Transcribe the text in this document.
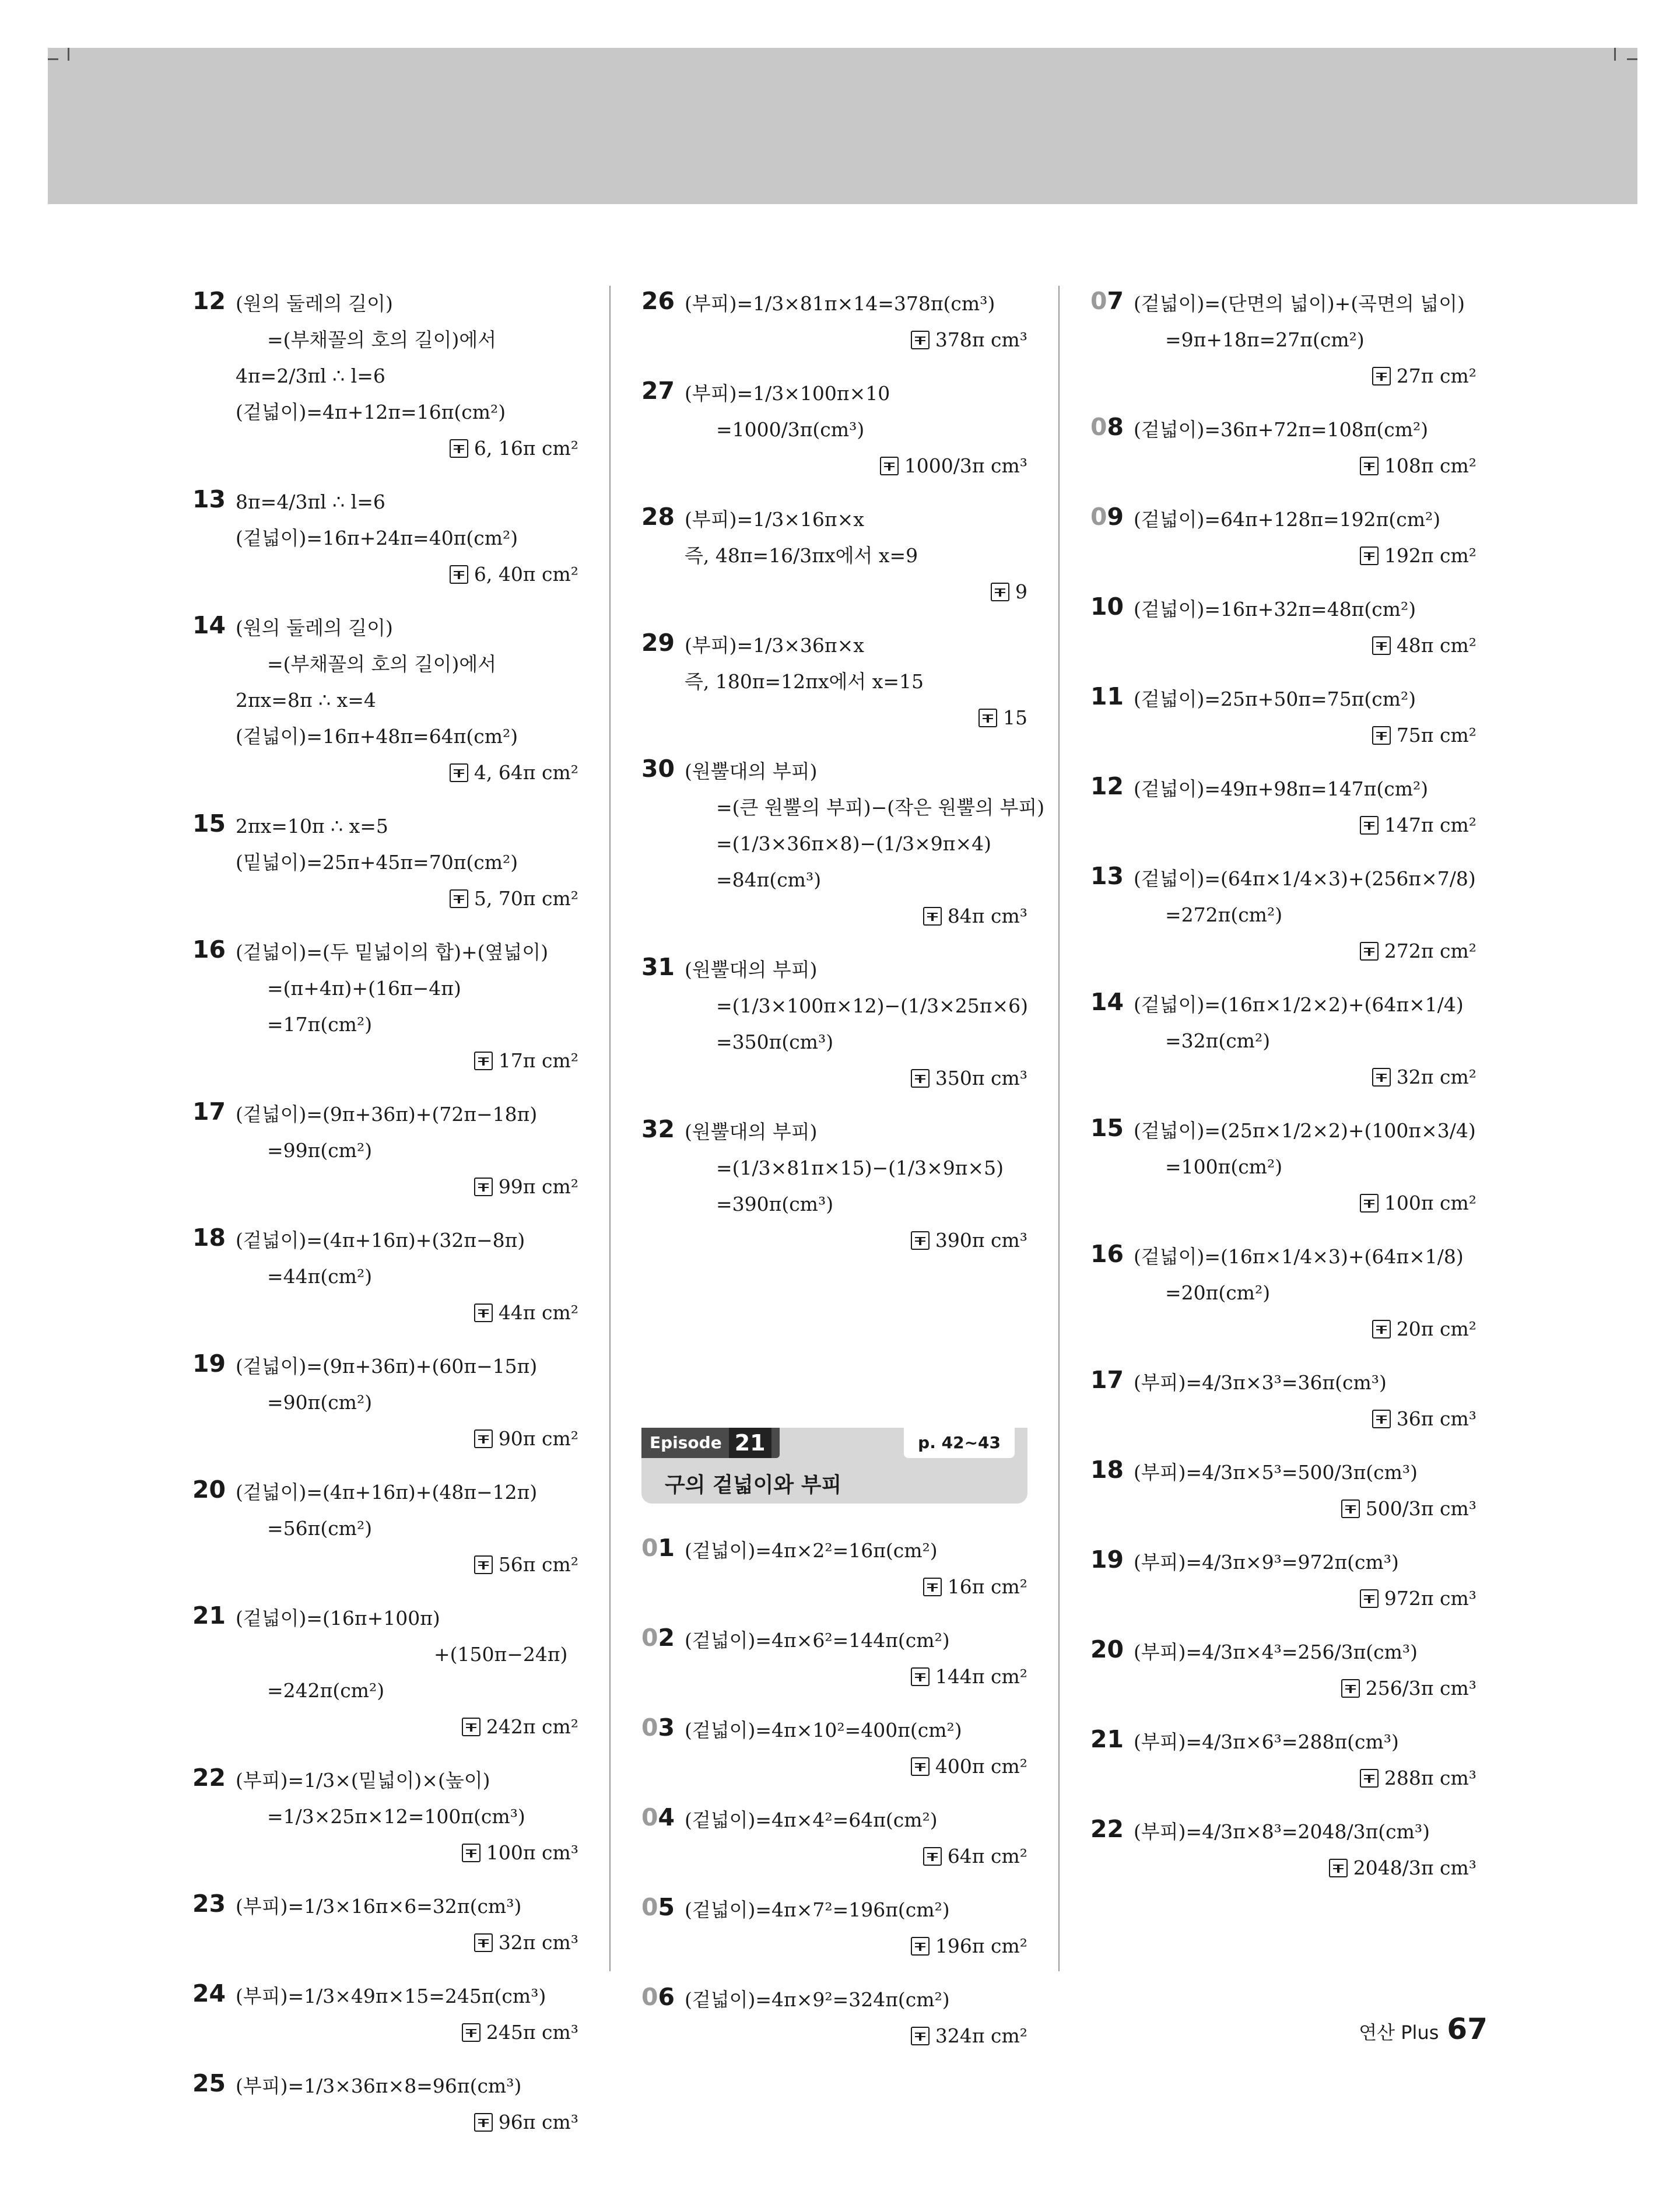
12 (원의 둘레의 길이)
=(부채꼴의 호의 길이)에서
4π=2/3πl ∴ l=6
(겉넓이)=4π+12π=16π(cm²)
6, 16π cm²
13 8π=4/3πl ∴ l=6
(겉넓이)=16π+24π=40π(cm²)
6, 40π cm²
14 (원의 둘레의 길이)
=(부채꼴의 호의 길이)에서
2πx=8π ∴ x=4
(겉넓이)=16π+48π=64π(cm²)
4, 64π cm²
15 2πx=10π ∴ x=5
(밑넓이)=25π+45π=70π(cm²)
5, 70π cm²
16 (겉넓이)=(두 밑넓이의 합)+(옆넓이)
=(π+4π)+(16π−4π)
=17π(cm²)
17π cm²
17 (겉넓이)=(9π+36π)+(72π−18π)
=99π(cm²)
99π cm²
18 (겉넓이)=(4π+16π)+(32π−8π)
=44π(cm²)
44π cm²
19 (겉넓이)=(9π+36π)+(60π−15π)
=90π(cm²)
90π cm²
20 (겉넓이)=(4π+16π)+(48π−12π)
=56π(cm²)
56π cm²
21 (겉넓이)=(16π+100π)
+(150π−24π)
=242π(cm²)
242π cm²
22 (부피)=1/3×(밑넓이)×(높이)
=1/3×25π×12=100π(cm³)
100π cm³
23 (부피)=1/3×16π×6=32π(cm³)
32π cm³
24 (부피)=1/3×49π×15=245π(cm³)
245π cm³
25 (부피)=1/3×36π×8=96π(cm³)
96π cm³
26 (부피)=1/3×81π×14=378π(cm³)
378π cm³
27 (부피)=1/3×100π×10
=1000/3π(cm³)
1000/3π cm³
28 (부피)=1/3×16π×x
즉, 48π=16/3πx에서 x=9
9
29 (부피)=1/3×36π×x
즉, 180π=12πx에서 x=15
15
30 (원뿔대의 부피)
=(큰 원뿔의 부피)−(작은 원뿔의 부피)
=(1/3×36π×8)−(1/3×9π×4)
=84π(cm³)
84π cm³
31 (원뿔대의 부피)
=(1/3×100π×12)−(1/3×25π×6)
=350π(cm³)
350π cm³
32 (원뿔대의 부피)
=(1/3×81π×15)−(1/3×9π×5)
=390π(cm³)
390π cm³
Episode 21	p. 42~43
구의 겉넓이와 부피
01 (겉넓이)=4π×2²=16π(cm²)
16π cm²
02 (겉넓이)=4π×6²=144π(cm²)
144π cm²
03 (겉넓이)=4π×10²=400π(cm²)
400π cm²
04 (겉넓이)=4π×4²=64π(cm²)
64π cm²
05 (겉넓이)=4π×7²=196π(cm²)
196π cm²
06 (겉넓이)=4π×9²=324π(cm²)
324π cm²
07 (겉넓이)=(단면의 넓이)+(곡면의 넓이)
=9π+18π=27π(cm²)
27π cm²
08 (겉넓이)=36π+72π=108π(cm²)
108π cm²
09 (겉넓이)=64π+128π=192π(cm²)
192π cm²
10 (겉넓이)=16π+32π=48π(cm²)
48π cm²
11 (겉넓이)=25π+50π=75π(cm²)
75π cm²
12 (겉넓이)=49π+98π=147π(cm²)
147π cm²
13 (겉넓이)=(64π×1/4×3)+(256π×7/8)
=272π(cm²)
272π cm²
14 (겉넓이)=(16π×1/2×2)+(64π×1/4)
=32π(cm²)
32π cm²
15 (겉넓이)=(25π×1/2×2)+(100π×3/4)
=100π(cm²)
100π cm²
16 (겉넓이)=(16π×1/4×3)+(64π×1/8)
=20π(cm²)
20π cm²
17 (부피)=4/3π×3³=36π(cm³)
36π cm³
18 (부피)=4/3π×5³=500/3π(cm³)
500/3π cm³
19 (부피)=4/3π×9³=972π(cm³)
972π cm³
20 (부피)=4/3π×4³=256/3π(cm³)
256/3π cm³
21 (부피)=4/3π×6³=288π(cm³)
288π cm³
22 (부피)=4/3π×8³=2048/3π(cm³)
2048/3π cm³
연산 Plus 67
